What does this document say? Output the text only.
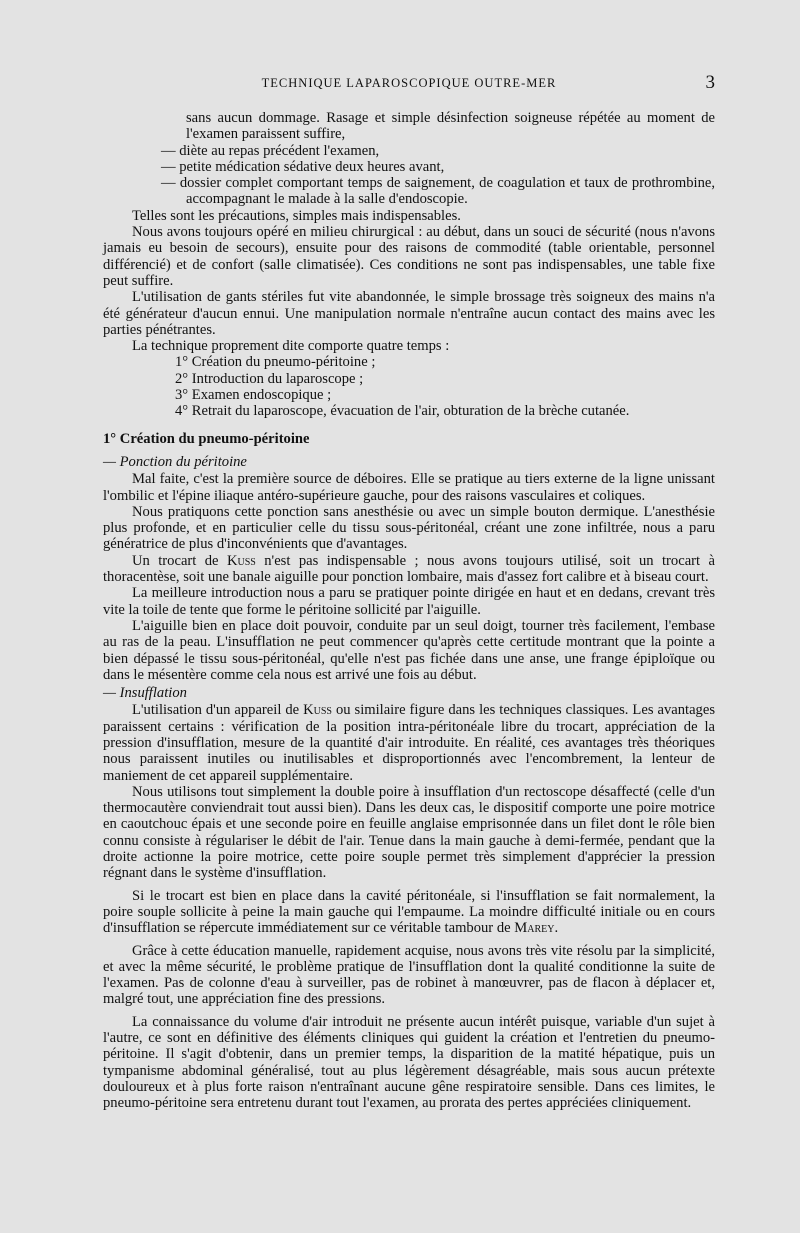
TECHNIQUE LAPAROSCOPIQUE OUTRE-MER	3

sans aucun dommage. Rasage et simple désinfection soigneuse répétée au moment de l'examen paraissent suffire,

— diète au repas précédent l'examen,

— petite médication sédative deux heures avant,

— dossier complet comportant temps de saignement, de coagulation et taux de prothrombine, accompagnant le malade à la salle d'endoscopie.

Telles sont les précautions, simples mais indispensables.

Nous avons toujours opéré en milieu chirurgical : au début, dans un souci de sécurité (nous n'avons jamais eu besoin de secours), ensuite pour des raisons de commodité (table orientable, personnel différencié) et de confort (salle climatisée). Ces conditions ne sont pas indispensables, une table fixe peut suffire.

L'utilisation de gants stériles fut vite abandonnée, le simple brossage très soigneux des mains n'a été générateur d'aucun ennui. Une manipulation normale n'entraîne aucun contact des mains avec les parties pénétrantes.

La technique proprement dite comporte quatre temps :

1° Création du pneumo-péritoine ;

2° Introduction du laparoscope ;

3° Examen endoscopique ;

4° Retrait du laparoscope, évacuation de l'air, obturation de la brèche cutanée.

1° Création du pneumo-péritoine

— Ponction du péritoine

Mal faite, c'est la première source de déboires. Elle se pratique au tiers externe de la ligne unissant l'ombilic et l'épine iliaque antéro-supérieure gauche, pour des raisons vasculaires et coliques.

Nous pratiquons cette ponction sans anesthésie ou avec un simple bouton dermique. L'anesthésie plus profonde, et en particulier celle du tissu sous-péritonéal, créant une zone infiltrée, nous a paru génératrice de plus d'inconvénients que d'avantages.

Un trocart de Kuss n'est pas indispensable ; nous avons toujours utilisé, soit un trocart à thoracentèse, soit une banale aiguille pour ponction lombaire, mais d'assez fort calibre et à biseau court.

La meilleure introduction nous a paru se pratiquer pointe dirigée en haut et en dedans, crevant très vite la toile de tente que forme le péritoine sollicité par l'aiguille.

L'aiguille bien en place doit pouvoir, conduite par un seul doigt, tourner très facilement, l'embase au ras de la peau. L'insufflation ne peut commencer qu'après cette certitude montrant que la pointe a bien dépassé le tissu sous-péritonéal, qu'elle n'est pas fichée dans une anse, une frange épiploïque ou dans le mésentère comme cela nous est arrivé une fois au début.

— Insufflation

L'utilisation d'un appareil de Kuss ou similaire figure dans les techniques classiques. Les avantages paraissent certains : vérification de la position intra-péritonéale libre du trocart, appréciation de la pression d'insufflation, mesure de la quantité d'air introduite. En réalité, ces avantages très théoriques nous paraissent inutiles ou inutilisables et disproportionnés avec l'encombrement, la lenteur de maniement de cet appareil supplémentaire.

Nous utilisons tout simplement la double poire à insufflation d'un rectoscope désaffecté (celle d'un thermocautère conviendrait tout aussi bien). Dans les deux cas, le dispositif comporte une poire motrice en caoutchouc épais et une seconde poire en feuille anglaise emprisonnée dans un filet dont le rôle bien connu consiste à régulariser le débit de l'air. Tenue dans la main gauche à demi-fermée, pendant que la droite actionne la poire motrice, cette poire souple permet très simplement d'apprécier la pression régnant dans le système d'insufflation.

Si le trocart est bien en place dans la cavité péritonéale, si l'insufflation se fait normalement, la poire souple sollicite à peine la main gauche qui l'empaume. La moindre difficulté initiale ou en cours d'insufflation se répercute immédiatement sur ce véritable tambour de Marey.

Grâce à cette éducation manuelle, rapidement acquise, nous avons très vite résolu par la simplicité, et avec la même sécurité, le problème pratique de l'insufflation dont la qualité conditionne la suite de l'examen. Pas de colonne d'eau à surveiller, pas de robinet à manœuvrer, pas de flacon à déplacer et, malgré tout, une appréciation fine des pressions.

La connaissance du volume d'air introduit ne présente aucun intérêt puisque, variable d'un sujet à l'autre, ce sont en définitive des éléments cliniques qui guident la création et l'entretien du pneumo-péritoine. Il s'agit d'obtenir, dans un premier temps, la disparition de la matité hépatique, puis un tympanisme abdominal généralisé, tout au plus légèrement désagréable, mais sous aucun prétexte douloureux et à plus forte raison n'entraînant aucune gêne respiratoire sensible. Dans ces limites, le pneumo-péritoine sera entretenu durant tout l'examen, au prorata des pertes appréciées cliniquement.
